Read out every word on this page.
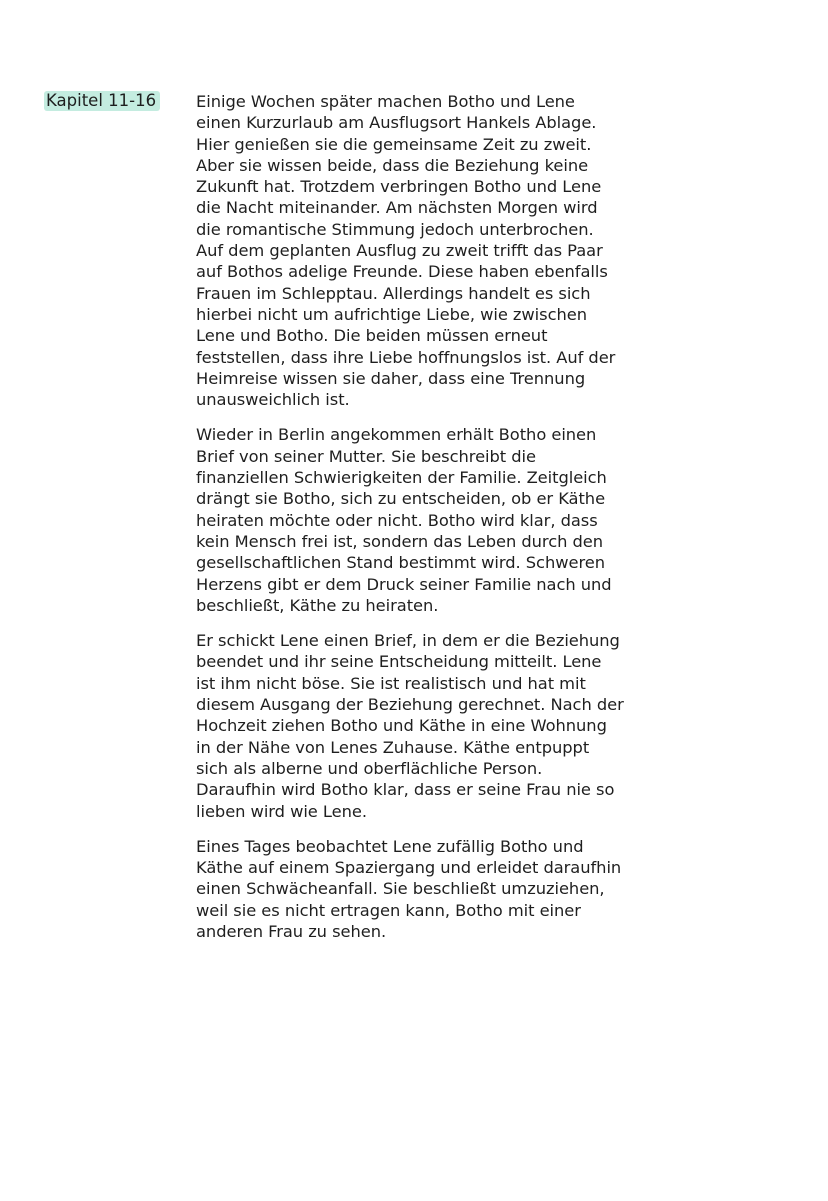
Kapitel 11-16 Einige Wochen später machen Botho und Lene einen Kurzurlaub am Ausflugsort Hankels Ablage. Hier genießen sie die gemeinsame Zeit zu zweit. Aber sie wissen beide, dass die Beziehung keine Zukunft hat. Trotzdem verbringen Botho und Lene die Nacht miteinander. Am nächsten Morgen wird die romantische Stimmung jedoch unterbrochen. Auf dem geplanten Ausflug zu zweit trifft das Paar auf Bothos adelige Freunde. Diese haben ebenfalls Frauen im Schlepptau. Allerdings handelt es sich hierbei nicht um aufrichtige Liebe, wie zwischen Lene und Botho. Die beiden müssen erneut feststellen, dass ihre Liebe hoffnungslos ist. Auf der Heimreise wissen sie daher, dass eine Trennung unausweichlich ist.

Wieder in Berlin angekommen erhält Botho einen Brief von seiner Mutter. Sie beschreibt die finanziellen Schwierigkeiten der Familie. Zeitgleich drängt sie Botho, sich zu entscheiden, ob er Käthe heiraten möchte oder nicht. Botho wird klar, dass kein Mensch frei ist, sondern das Leben durch den gesellschaftlichen Stand bestimmt wird. Schweren Herzens gibt er dem Druck seiner Familie nach und beschließt, Käthe zu heiraten.

Er schickt Lene einen Brief, in dem er die Beziehung beendet und ihr seine Entscheidung mitteilt. Lene ist ihm nicht böse. Sie ist realistisch und hat mit diesem Ausgang der Beziehung gerechnet. Nach der Hochzeit ziehen Botho und Käthe in eine Wohnung in der Nähe von Lenes Zuhause. Käthe entpuppt sich als alberne und oberflächliche Person. Daraufhin wird Botho klar, dass er seine Frau nie so lieben wird wie Lene.

Eines Tages beobachtet Lene zufällig Botho und Käthe auf einem Spaziergang und erleidet daraufhin einen Schwächeanfall. Sie beschließt umzuziehen, weil sie es nicht ertragen kann, Botho mit einer anderen Frau zu sehen.
